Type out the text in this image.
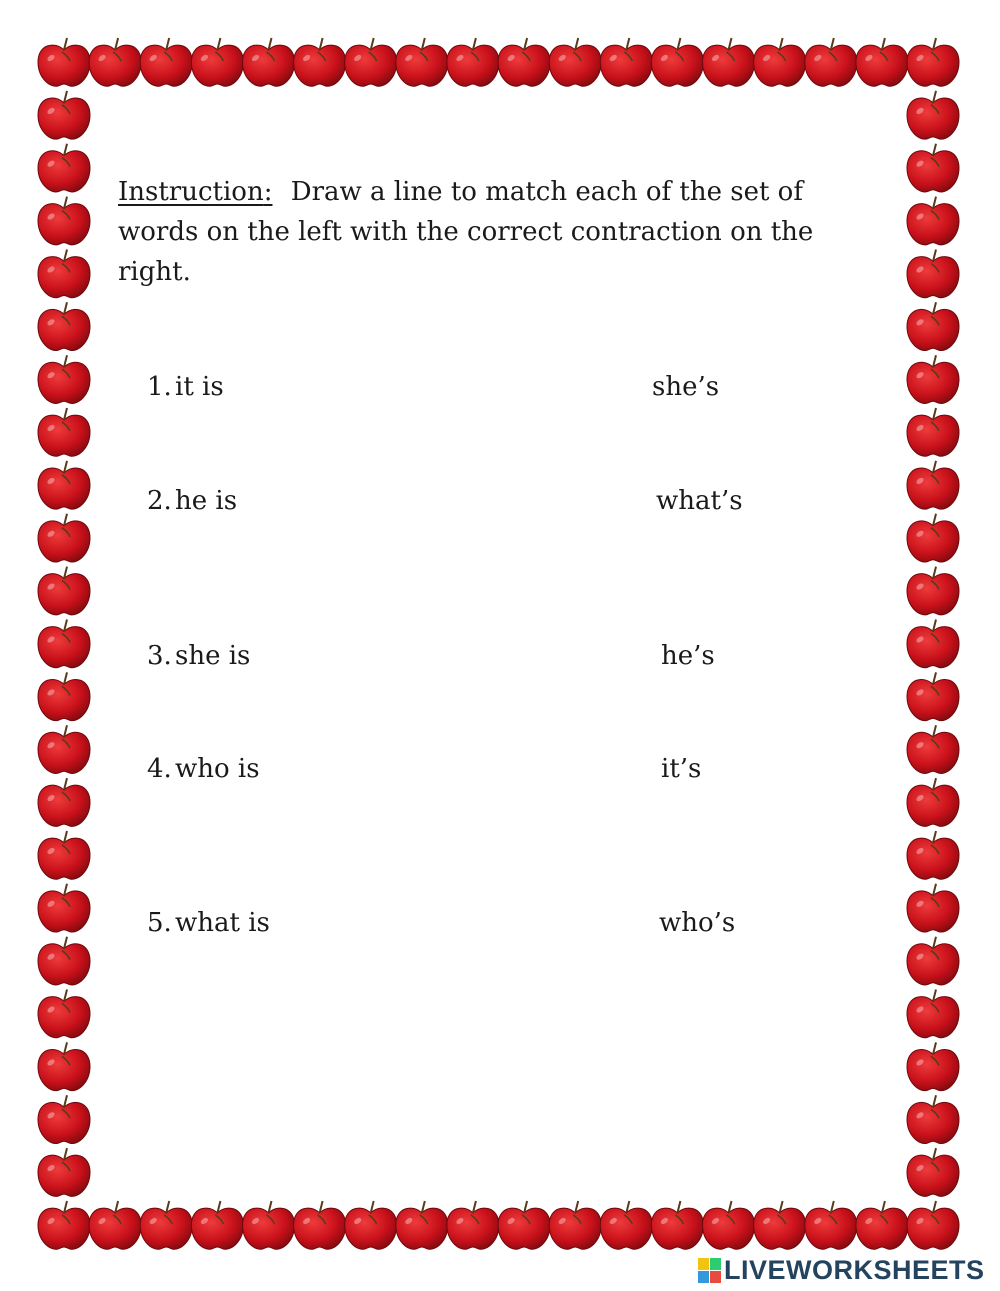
Instruction: Draw a line to match each of the set of words on the left with the correct contraction on the right.
1. it is
2. he is
3. she is
4. who is
5. what is
she’s
what’s
he’s
it’s
who’s
LIVEWORKSHEETS
